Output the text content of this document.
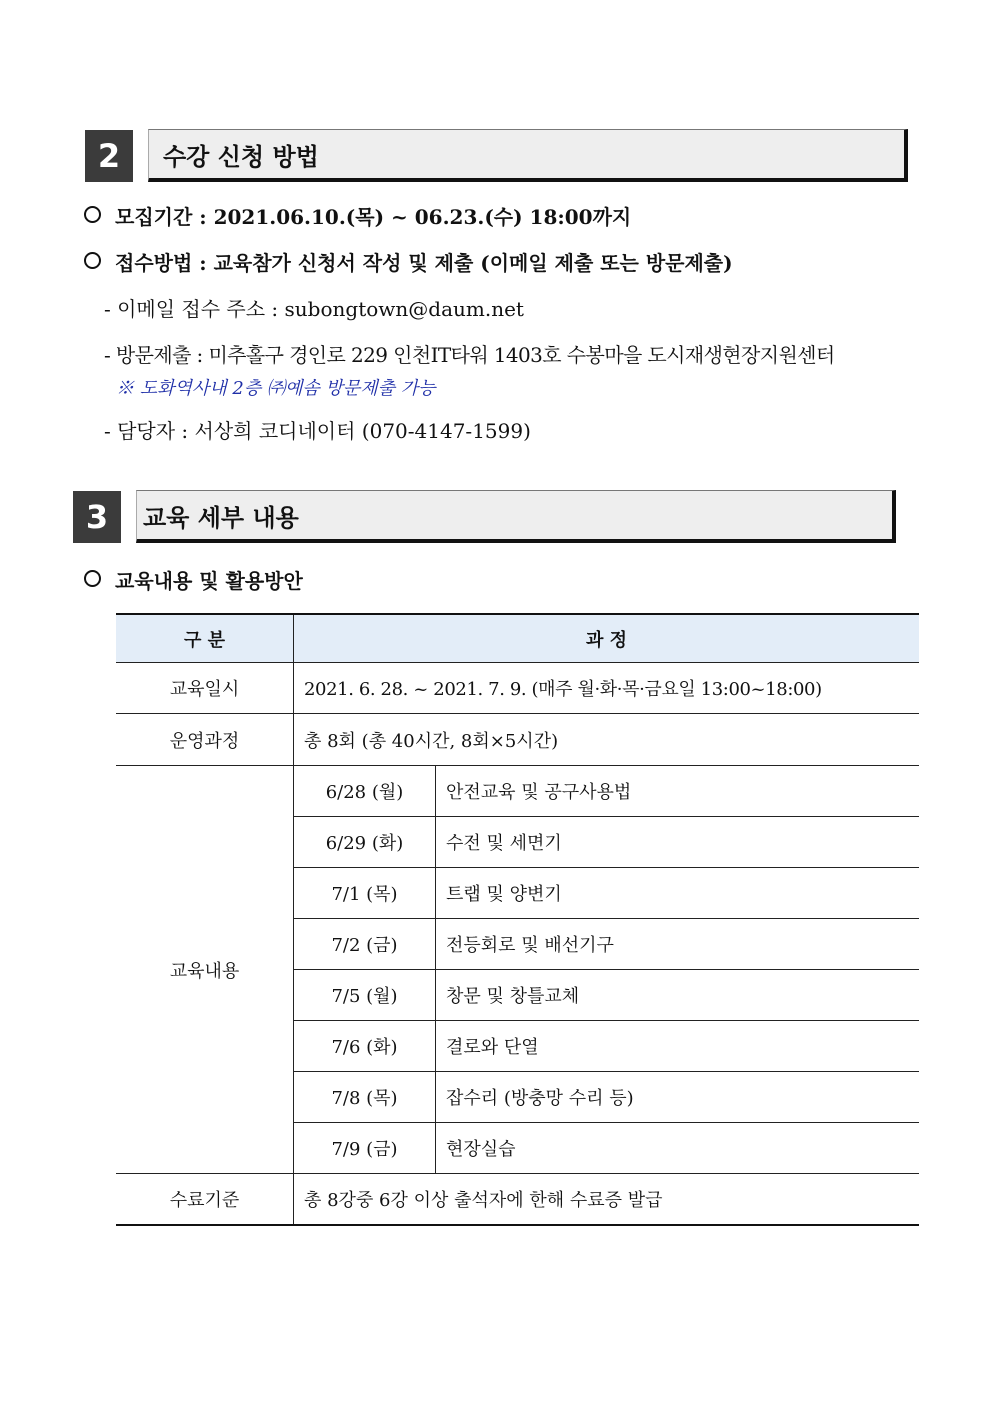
2	수강 신청 방법
모집기간 : 2021.06.10.(목) ~ 06.23.(수) 18:00까지
접수방법 : 교육참가 신청서 작성 및 제출 (이메일 제출 또는 방문제출)
- 이메일 접수 주소 : subongtown@daum.net
- 방문제출 : 미추홀구 경인로 229 인천IT타워 1403호 수봉마을 도시재생현장지원센터
※ 도화역사내 2층 ㈜예솜 방문제출 가능
- 담당자 : 서상희 코디네이터 (070-4147-1599)
3	교육 세부 내용
교육내용 및 활용방안
구 분	과 정	
교육일시	2021. 6. 28. ~ 2021. 7. 9. (매주 월·화·목·금요일 13:00~18:00)	
운영과정	총 8회 (총 40시간, 8회×5시간)	
교육내용	6/28 (월)	안전교육 및 공구사용법
	6/29 (화)	수전 및 세면기
	7/1 (목)	트랩 및 양변기
	7/2 (금)	전등회로 및 배선기구
	7/5 (월)	창문 및 창틀교체
	7/6 (화)	결로와 단열
	7/8 (목)	잡수리 (방충망 수리 등)
	7/9 (금)	현장실습
수료기준	총 8강중 6강 이상 출석자에 한해 수료증 발급	
